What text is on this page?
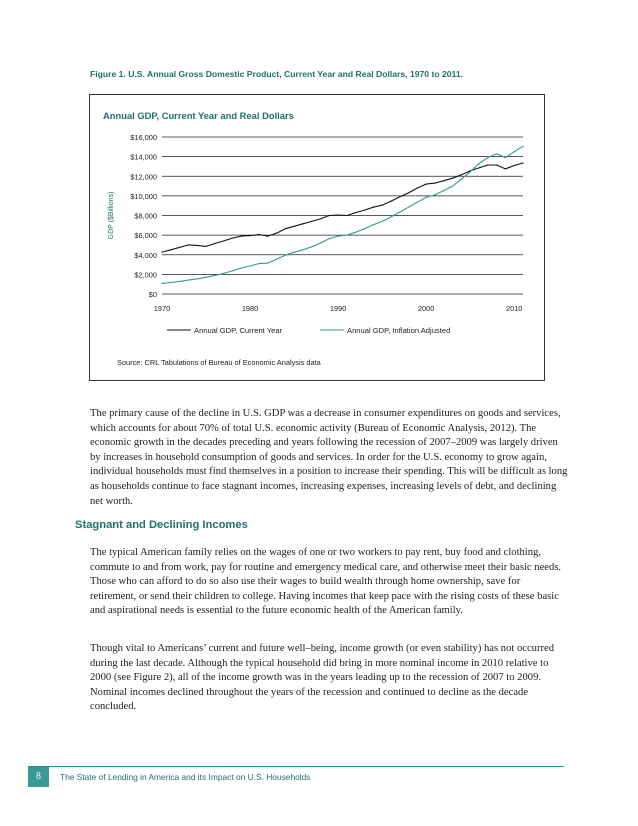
Figure 1. U.S. Annual Gross Domestic Product, Current Year and Real Dollars, 1970 to 2011.
Annual GDP, Current Year and Real Dollars
$0
$2,000
$4,000
$6,000
$8,000
$10,000
$12,000
$14,000
$16,000
1970	1980	1990	2000	2010
GDP ($Billions)
Annual GDP, Current Year	Annual GDP, Inflation Adjusted
Source: CRL Tabulations of Bureau of Economic Analysis data

The primary cause of the decline in U.S. GDP was a decrease in consumer expenditures on goods and services, which accounts for about 70% of total U.S. economic activity (Bureau of Economic Analysis, 2012). The economic growth in the decades preceding and years following the recession of 2007–2009 was largely driven by increases in household consumption of goods and services. In order for the U.S. economy to grow again, individual households must find themselves in a position to increase their spending. This will be difficult as long as households continue to face stagnant incomes, increasing expenses, increasing levels of debt, and declining net worth.

Stagnant and Declining Incomes

The typical American family relies on the wages of one or two workers to pay rent, buy food and clothing, commute to and from work, pay for routine and emergency medical care, and otherwise meet their basic needs. Those who can afford to do so also use their wages to build wealth through home ownership, save for retirement, or send their children to college. Having incomes that keep pace with the rising costs of these basic and aspirational needs is essential to the future economic health of the American family.

Though vital to Americans’ current and future well–being, income growth (or even stability) has not occurred during the last decade. Although the typical household did bring in more nominal income in 2010 relative to 2000 (see Figure 2), all of the income growth was in the years leading up to the recession of 2007 to 2009. Nominal incomes declined throughout the years of the recession and continued to decline as the decade concluded.

8	The State of Lending in America and its Impact on U.S. Households
